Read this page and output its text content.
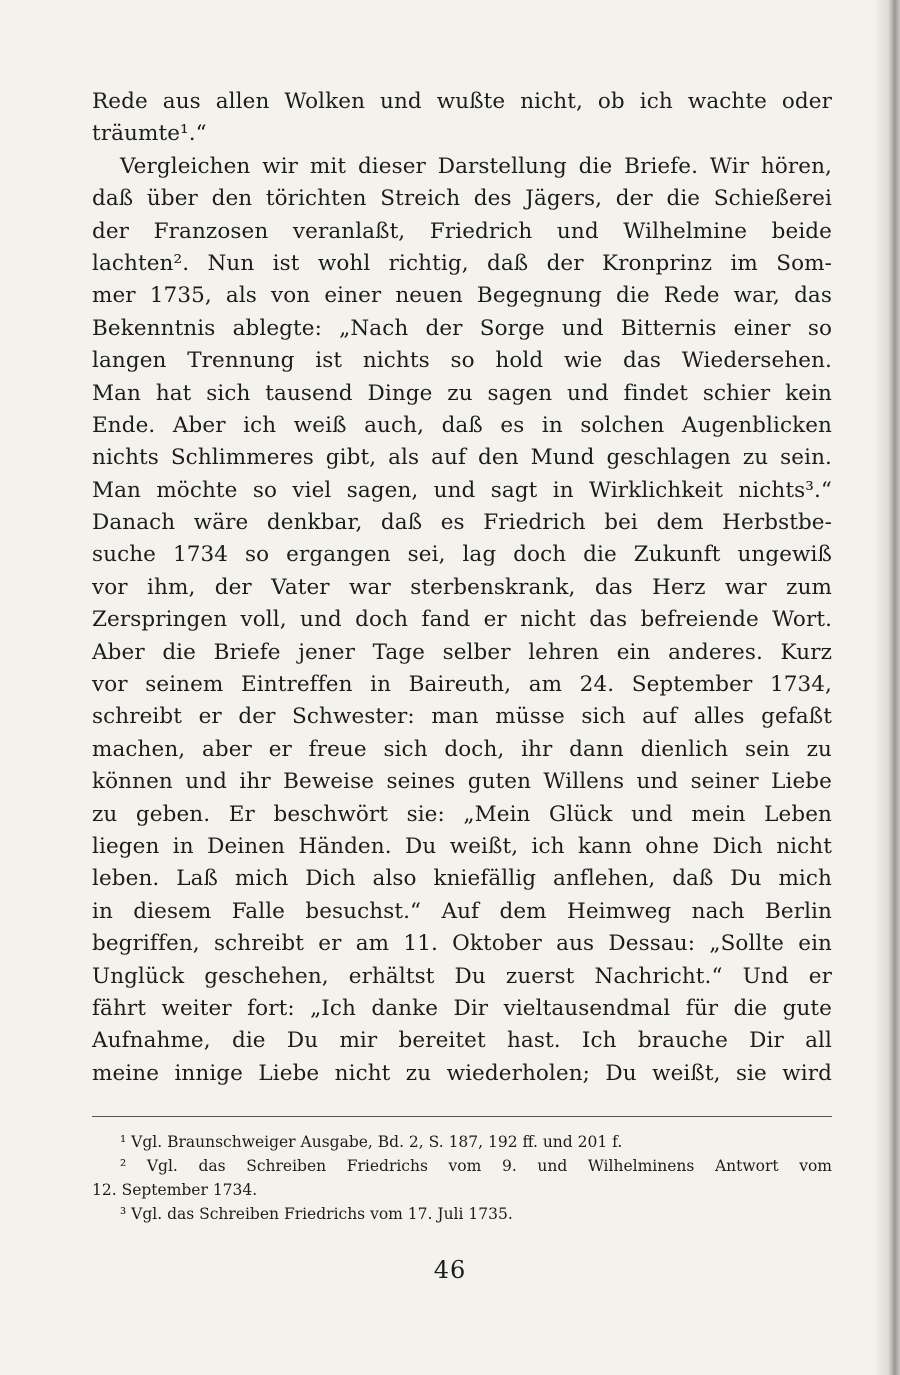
Rede aus allen Wolken und wußte nicht, ob ich wachte oder
träumte¹.“
Vergleichen wir mit dieser Darstellung die Briefe. Wir hören,
daß über den törichten Streich des Jägers, der die Schießerei
der Franzosen veranlaßt, Friedrich und Wilhelmine beide
lachten². Nun ist wohl richtig, daß der Kronprinz im Som-
mer 1735, als von einer neuen Begegnung die Rede war, das
Bekenntnis ablegte: „Nach der Sorge und Bitternis einer so
langen Trennung ist nichts so hold wie das Wiedersehen.
Man hat sich tausend Dinge zu sagen und findet schier kein
Ende. Aber ich weiß auch, daß es in solchen Augenblicken
nichts Schlimmeres gibt, als auf den Mund geschlagen zu sein.
Man möchte so viel sagen, und sagt in Wirklichkeit nichts³.“
Danach wäre denkbar, daß es Friedrich bei dem Herbstbe-
suche 1734 so ergangen sei, lag doch die Zukunft ungewiß
vor ihm, der Vater war sterbenskrank, das Herz war zum
Zerspringen voll, und doch fand er nicht das befreiende Wort.
Aber die Briefe jener Tage selber lehren ein anderes. Kurz
vor seinem Eintreffen in Baireuth, am 24. September 1734,
schreibt er der Schwester: man müsse sich auf alles gefaßt
machen, aber er freue sich doch, ihr dann dienlich sein zu
können und ihr Beweise seines guten Willens und seiner Liebe
zu geben. Er beschwört sie: „Mein Glück und mein Leben
liegen in Deinen Händen. Du weißt, ich kann ohne Dich nicht
leben. Laß mich Dich also kniefällig anflehen, daß Du mich
in diesem Falle besuchst.“ Auf dem Heimweg nach Berlin
begriffen, schreibt er am 11. Oktober aus Dessau: „Sollte ein
Unglück geschehen, erhältst Du zuerst Nachricht.“ Und er
fährt weiter fort: „Ich danke Dir vieltausendmal für die gute
Aufnahme, die Du mir bereitet hast. Ich brauche Dir all
meine innige Liebe nicht zu wiederholen; Du weißt, sie wird
¹ Vgl. Braunschweiger Ausgabe, Bd. 2, S. 187, 192 ff. und 201 f.
² Vgl. das Schreiben Friedrichs vom 9. und Wilhelminens Antwort vom
12. September 1734.
³ Vgl. das Schreiben Friedrichs vom 17. Juli 1735.
46
